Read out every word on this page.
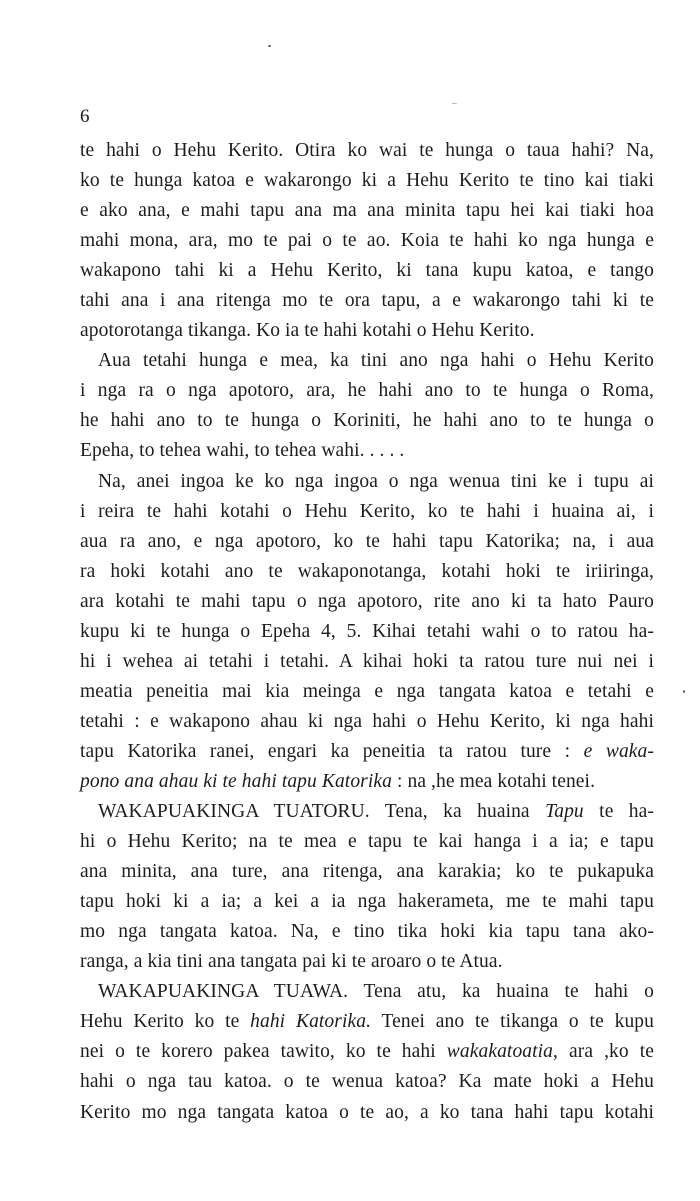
6
te hahi o Hehu Kerito. Otira ko wai te hunga o taua hahi? Na,
ko te hunga katoa e wakarongo ki a Hehu Kerito te tino kai tiaki
e ako ana, e mahi tapu ana ma ana minita tapu hei kai tiaki hoa
mahi mona, ara, mo te pai o te ao. Koia te hahi ko nga hunga e
wakapono tahi ki a Hehu Kerito, ki tana kupu katoa, e tango
tahi ana i ana ritenga mo te ora tapu, a e wakarongo tahi ki te
apotorotanga tikanga. Ko ia te hahi kotahi o Hehu Kerito.
Aua tetahi hunga e mea, ka tini ano nga hahi o Hehu Kerito
i nga ra o nga apotoro, ara, he hahi ano to te hunga o Roma,
he hahi ano to te hunga o Koriniti, he hahi ano to te hunga o
Epeha, to tehea wahi, to tehea wahi. . . . .
Na, anei ingoa ke ko nga ingoa o nga wenua tini ke i tupu ai
i reira te hahi kotahi o Hehu Kerito, ko te hahi i huaina ai, i
aua ra ano, e nga apotoro, ko te hahi tapu Katorika; na, i aua
ra hoki kotahi ano te wakaponotanga, kotahi hoki te iriiringa,
ara kotahi te mahi tapu o nga apotoro, rite ano ki ta hato Pauro
kupu ki te hunga o Epeha 4, 5. Kihai tetahi wahi o to ratou ha-
hi i wehea ai tetahi i tetahi. A kihai hoki ta ratou ture nui nei i
meatia peneitia mai kia meinga e nga tangata katoa e tetahi e
tetahi : e wakapono ahau ki nga hahi o Hehu Kerito, ki nga hahi
tapu Katorika ranei, engari ka peneitia ta ratou ture : e waka-
pono ana ahau ki te hahi tapu Katorika : na ,he mea kotahi tenei.
WAKAPUAKINGA TUATORU. Tena, ka huaina Tapu te ha-
hi o Hehu Kerito; na te mea e tapu te kai hanga i a ia; e tapu
ana minita, ana ture, ana ritenga, ana karakia; ko te pukapuka
tapu hoki ki a ia; a kei a ia nga hakerameta, me te mahi tapu
mo nga tangata katoa. Na, e tino tika hoki kia tapu tana ako-
ranga, a kia tini ana tangata pai ki te aroaro o te Atua.
WAKAPUAKINGA TUAWA. Tena atu, ka huaina te hahi o
Hehu Kerito ko te hahi Katorika. Tenei ano te tikanga o te kupu
nei o te korero pakea tawito, ko te hahi wakakatoatia, ara ,ko te
hahi o nga tau katoa. o te wenua katoa? Ka mate hoki a Hehu
Kerito mo nga tangata katoa o te ao, a ko tana hahi tapu kotahi
